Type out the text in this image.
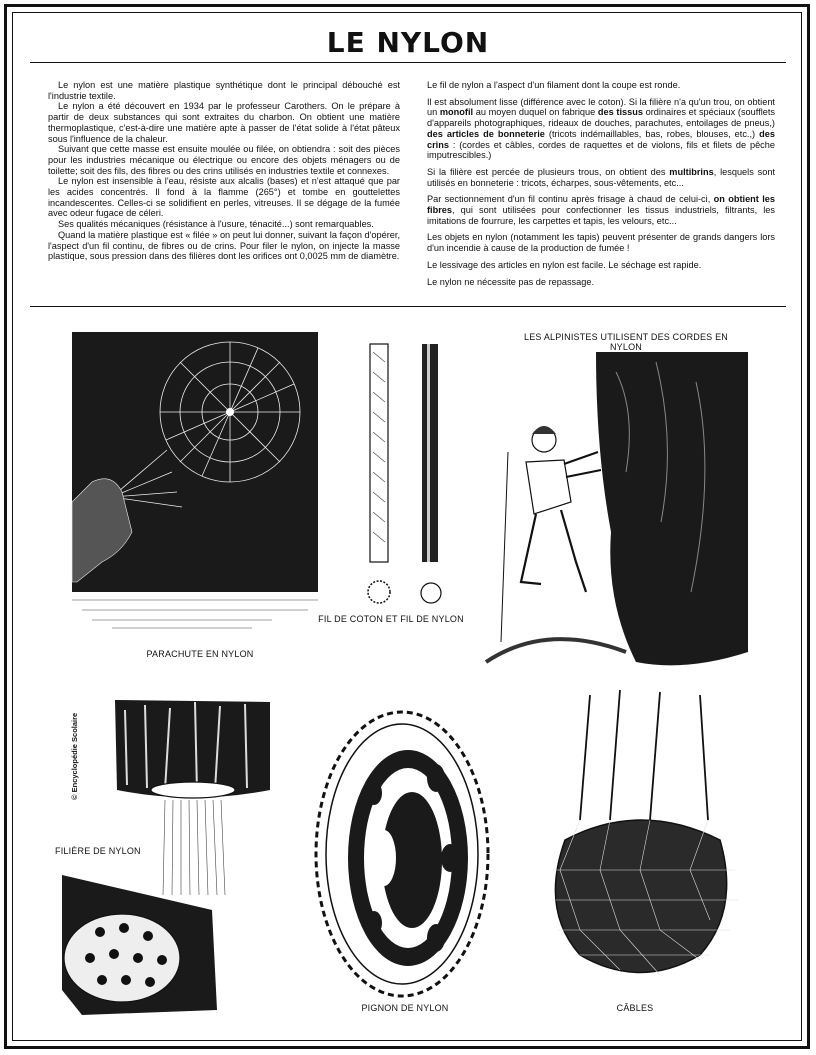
LE NYLON

Le nylon est une matière plastique synthétique dont le principal débouché est l'industrie textile.

Le nylon a été découvert en 1934 par le professeur Carothers. On le prépare à partir de deux substances qui sont extraites du charbon. On obtient une matière thermoplastique, c'est-à-dire une matière apte à passer de l'état solide à l'état pâteux sous l'influence de la chaleur.

Suivant que cette masse est ensuite moulée ou filée, on obtiendra : soit des pièces pour les industries mécanique ou électrique ou encore des objets ménagers ou de toilette; soit des fils, des fibres ou des crins utilisés en industries textile et connexes.

Le nylon est insensible à l'eau, résiste aux alcalis (bases) et n'est attaqué que par les acides concentrés. Il fond à la flamme (265°) et tombe en gouttelettes incandescentes. Celles-ci se solidifient en perles, vitreuses. Il se dégage de la fumée avec odeur fugace de céleri.

Ses qualités mécaniques (résistance à l'usure, ténacité...) sont remarquables.

Quand la matière plastique est « filée » on peut lui donner, suivant la façon d'opérer, l'aspect d'un fil continu, de fibres ou de crins. Pour filer le nylon, on injecte la masse plastique, sous pression dans des filières dont les orifices ont 0,0025 mm de diamètre.

Le fil de nylon a l'aspect d'un filament dont la coupe est ronde.

Il est absolument lisse (différence avec le coton). Si la filière n'a qu'un trou, on obtient un monofil au moyen duquel on fabrique des tissus ordinaires et spéciaux (soufflets d'appareils photographiques, rideaux de douches, parachutes, entoilages de pneus,) des articles de bonneterie (tricots indémaillables, bas, robes, blouses, etc.,) des crins : (cordes et câbles, cordes de raquettes et de violons, fils et filets de pêche imputrescibles.)

Si la filière est percée de plusieurs trous, on obtient des multibrins, lesquels sont utilisés en bonneterie : tricots, écharpes, sous-vêtements, etc...

Par sectionnement d'un fil continu après frisage à chaud de celui-ci, on obtient les fibres, qui sont utilisées pour confectionner les tissus industriels, filtrants, les imitations de fourrure, les carpettes et tapis, les velours, etc...

Les objets en nylon (notamment les tapis) peuvent présenter de grands dangers lors d'un incendie à cause de la production de fumée !

Le lessivage des articles en nylon est facile. Le séchage est rapide.

Le nylon ne nécessite pas de repassage.

PARACHUTE EN NYLON
FIL DE COTON ET FIL DE NYLON
LES ALPINISTES UTILISENT DES CORDES EN NYLON
FILIÈRE DE NYLON
© Encyclopédie Scolaire
PIGNON DE NYLON	CÂBLES
